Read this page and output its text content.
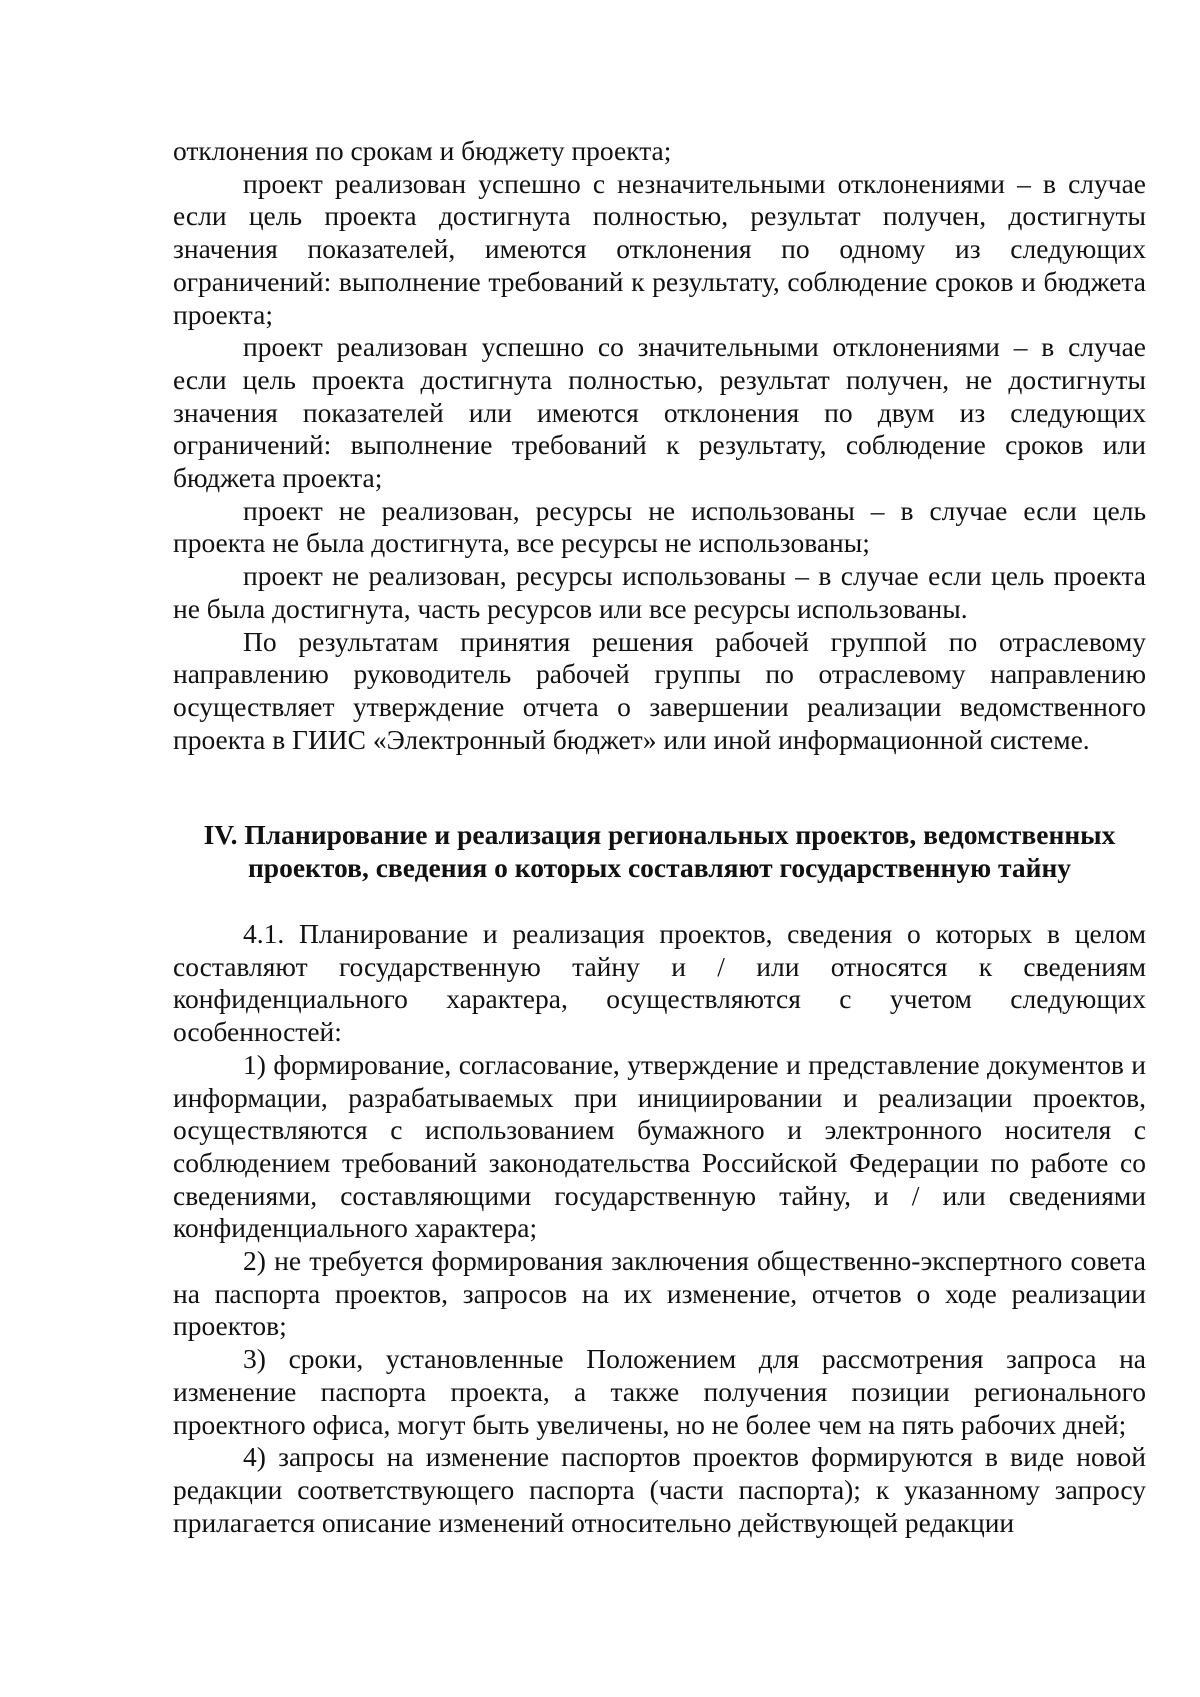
отклонения по срокам и бюджету проекта;

проект реализован успешно с незначительными отклонениями – в случае если цель проекта достигнута полностью, результат получен, достигнуты значения показателей, имеются отклонения по одному из следующих ограничений: выполнение требований к результату, соблюдение сроков и бюджета проекта;

проект реализован успешно со значительными отклонениями – в случае если цель проекта достигнута полностью, результат получен, не достигнуты значения показателей или имеются отклонения по двум из следующих ограничений: выполнение требований к результату, соблюдение сроков или бюджета проекта;

проект не реализован, ресурсы не использованы – в случае если цель проекта не была достигнута, все ресурсы не использованы;

проект не реализован, ресурсы использованы – в случае если цель проекта не была достигнута, часть ресурсов или все ресурсы использованы.

По результатам принятия решения рабочей группой по отраслевому направлению руководитель рабочей группы по отраслевому направлению осуществляет утверждение отчета о завершении реализации ведомственного проекта в ГИИС «Электронный бюджет» или иной информационной системе.

IV. Планирование и реализация региональных проектов, ведомственных
проектов, сведения о которых составляют государственную тайну

4.1. Планирование и реализация проектов, сведения о которых в целом составляют государственную тайну и / или относятся к сведениям конфиденциального характера, осуществляются с учетом следующих особенностей:

1) формирование, согласование, утверждение и представление документов и информации, разрабатываемых при инициировании и реализации проектов, осуществляются с использованием бумажного и электронного носителя с соблюдением требований законодательства Российской Федерации по работе со сведениями, составляющими государственную тайну, и / или сведениями конфиденциального характера;

2) не требуется формирования заключения общественно-экспертного совета на паспорта проектов, запросов на их изменение, отчетов о ходе реализации проектов;

3) сроки, установленные Положением для рассмотрения запроса на изменение паспорта проекта, а также получения позиции регионального проектного офиса, могут быть увеличены, но не более чем на пять рабочих дней;

4) запросы на изменение паспортов проектов формируются в виде новой редакции соответствующего паспорта (части паспорта); к указанному запросу прилагается описание изменений относительно действующей редакции
